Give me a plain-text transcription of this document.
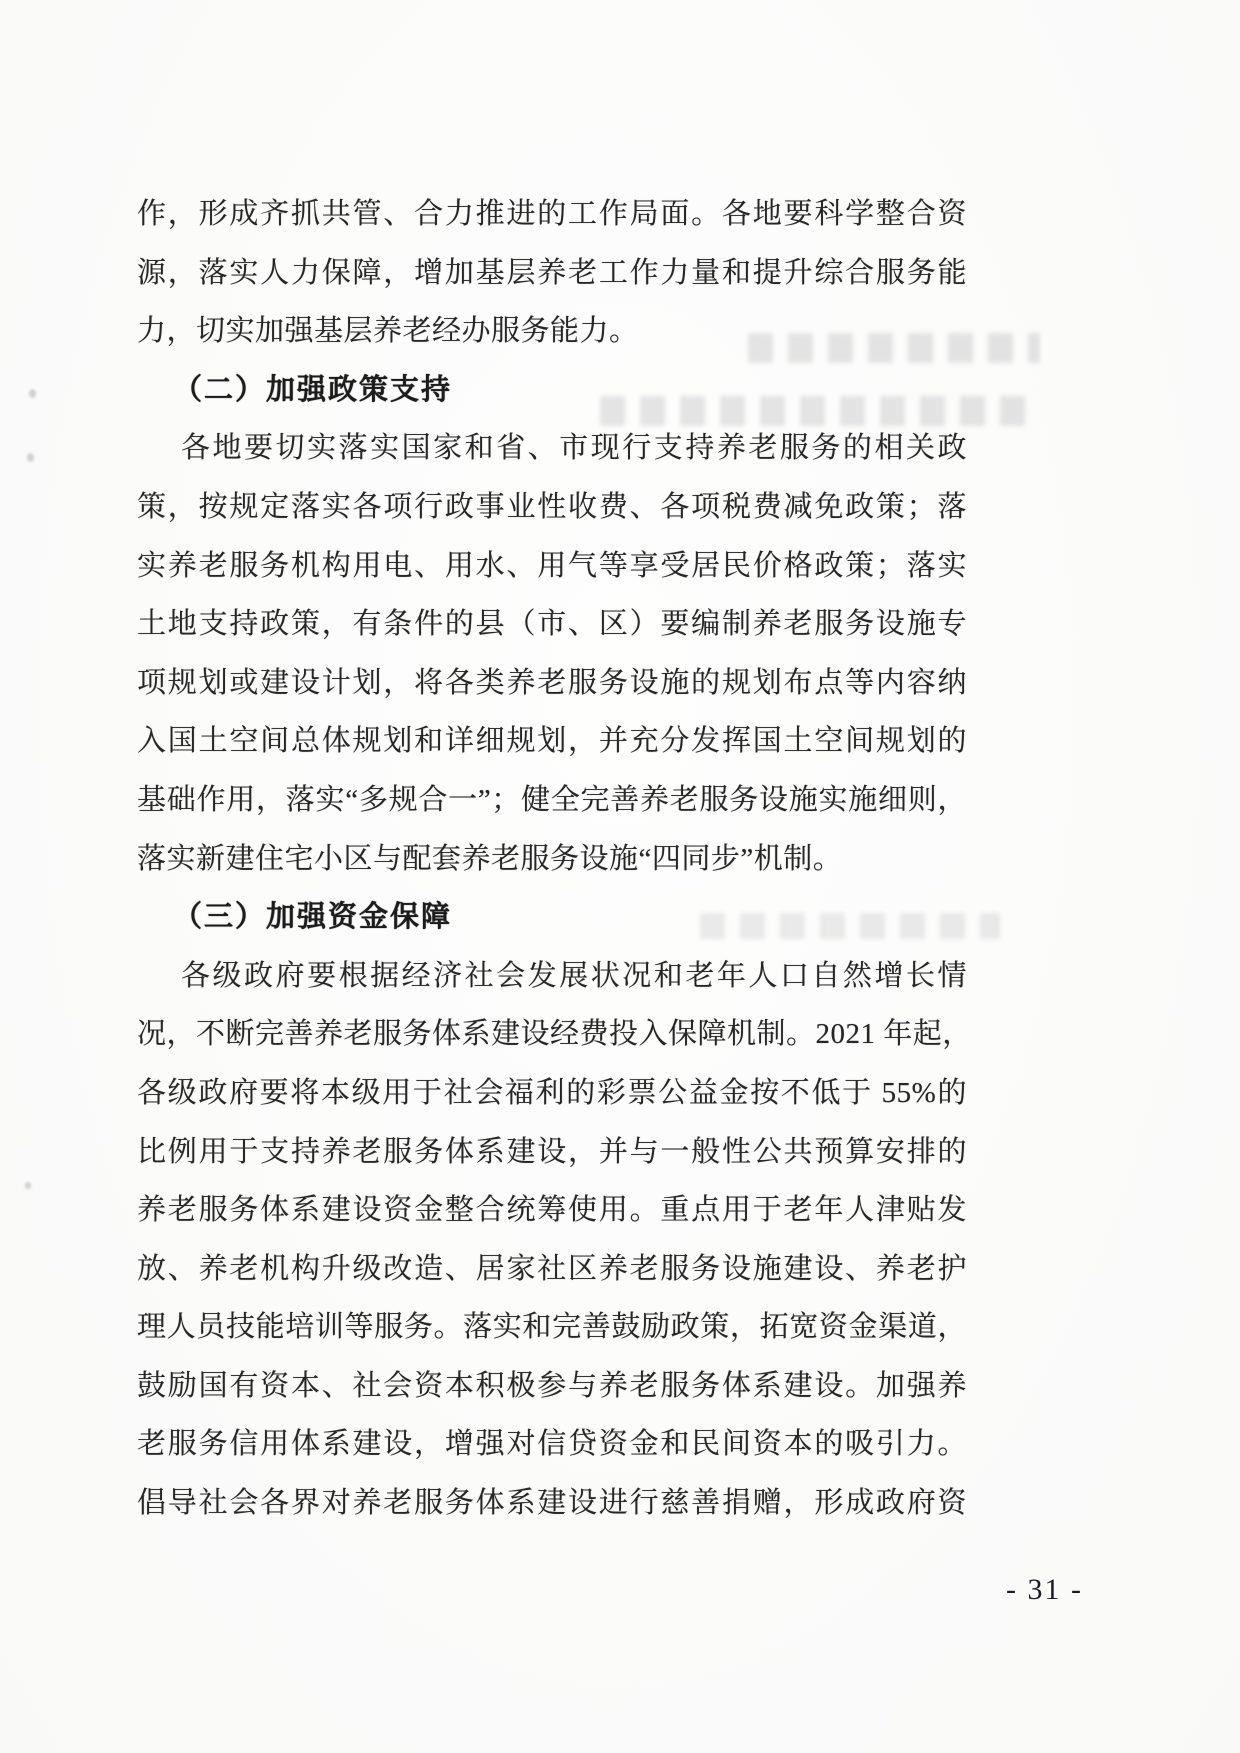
作，形成齐抓共管、合力推进的工作局面。各地要科学整合资
源，落实人力保障，增加基层养老工作力量和提升综合服务能
力，切实加强基层养老经办服务能力。
（二）加强政策支持
各地要切实落实国家和省、市现行支持养老服务的相关政
策，按规定落实各项行政事业性收费、各项税费减免政策；落
实养老服务机构用电、用水、用气等享受居民价格政策；落实
土地支持政策，有条件的县（市、区）要编制养老服务设施专
项规划或建设计划，将各类养老服务设施的规划布点等内容纳
入国土空间总体规划和详细规划，并充分发挥国土空间规划的
基础作用，落实“多规合一”；健全完善养老服务设施实施细则，
落实新建住宅小区与配套养老服务设施“四同步”机制。
（三）加强资金保障
各级政府要根据经济社会发展状况和老年人口自然增长情
况，不断完善养老服务体系建设经费投入保障机制。2021 年起，
各级政府要将本级用于社会福利的彩票公益金按不低于 55%的
比例用于支持养老服务体系建设，并与一般性公共预算安排的
养老服务体系建设资金整合统筹使用。重点用于老年人津贴发
放、养老机构升级改造、居家社区养老服务设施建设、养老护
理人员技能培训等服务。落实和完善鼓励政策，拓宽资金渠道，
鼓励国有资本、社会资本积极参与养老服务体系建设。加强养
老服务信用体系建设，增强对信贷资金和民间资本的吸引力。
倡导社会各界对养老服务体系建设进行慈善捐赠，形成政府资
- 31 -
